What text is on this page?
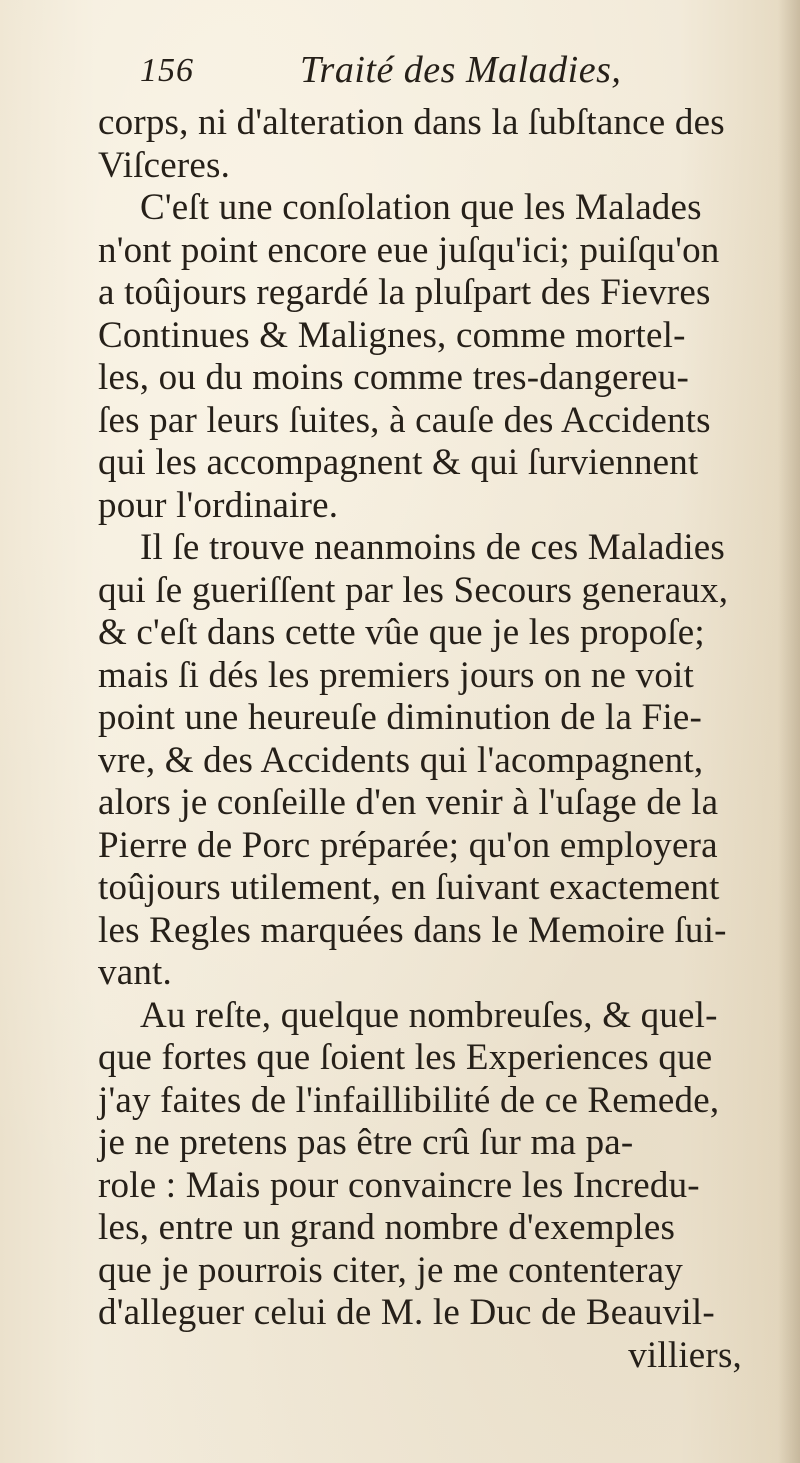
156	Traité des Maladies,
corps, ni d'alteration dans la ſubſtance des
Viſceres.
C'eſt une conſolation que les Malades
n'ont point encore eue juſqu'ici; puiſqu'on
a toûjours regardé la pluſpart des Fievres
Continues & Malignes, comme mortel-
les, ou du moins comme tres-dangereu-
ſes par leurs ſuites, à cauſe des Accidents
qui les accompagnent & qui ſurviennent
pour l'ordinaire.
Il ſe trouve neanmoins de ces Maladies
qui ſe gueriſſent par les Secours generaux,
& c'eſt dans cette vûe que je les propoſe;
mais ſi dés les premiers jours on ne voit
point une heureuſe diminution de la Fie-
vre, & des Accidents qui l'acompagnent,
alors je conſeille d'en venir à l'uſage de la
Pierre de Porc préparée; qu'on employera
toûjours utilement, en ſuivant exactement
les Regles marquées dans le Memoire ſui-
vant.
Au reſte, quelque nombreuſes, & quel-
que fortes que ſoient les Experiences que
j'ay faites de l'infaillibilité de ce Remede,
je ne pretens pas être crû ſur ma pa-
role : Mais pour convaincre les Incredu-
les, entre un grand nombre d'exemples
que je pourrois citer, je me contenteray
d'alleguer celui de M. le Duc de Beauvil-
villiers,
